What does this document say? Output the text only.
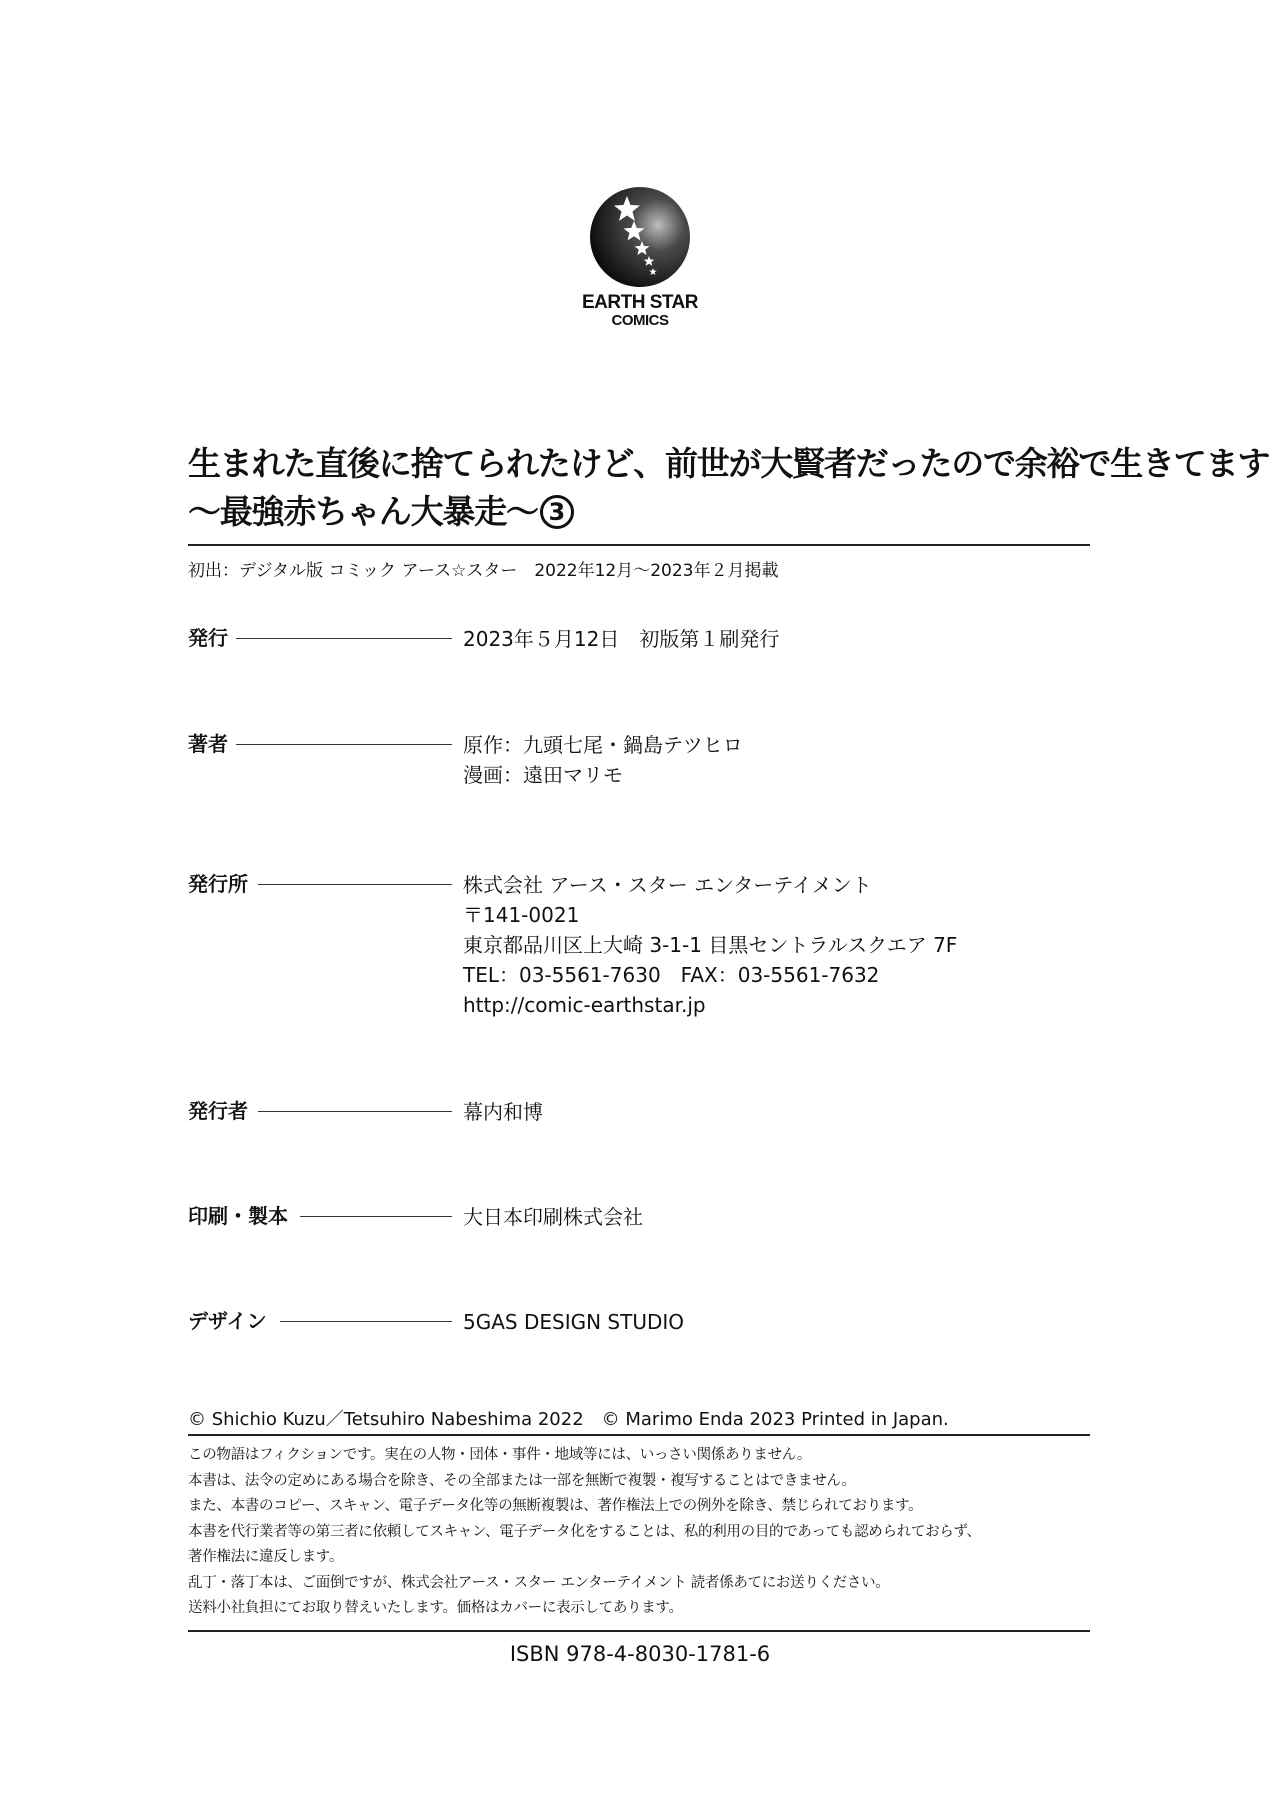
EARTH STAR
COMICS
生まれた直後に捨てられたけど、前世が大賢者だったので余裕で生きてます
〜最強赤ちゃん大暴走〜 3
初出：デジタル版 コミック アース☆スター　2022年12月〜2023年２月掲載
発行	2023年５月12日　初版第１刷発行
著者	原作：九頭七尾・鍋島テツヒロ
漫画：遠田マリモ
発行所	株式会社 アース・スター エンターテイメント
〒141-0021
東京都品川区上大崎 3-1-1 目黒セントラルスクエア 7F
TEL：03-5561-7630　FAX：03-5561-7632
http://comic-earthstar.jp
発行者	幕内和博
印刷・製本	大日本印刷株式会社
デザイン	5GAS DESIGN STUDIO
© Shichio Kuzu／Tetsuhiro Nabeshima 2022　© Marimo Enda 2023 Printed in Japan.
この物語はフィクションです。実在の人物・団体・事件・地域等には、いっさい関係ありません。
本書は、法令の定めにある場合を除き、その全部または一部を無断で複製・複写することはできません。
また、本書のコピー、スキャン、電子データ化等の無断複製は、著作権法上での例外を除き、禁じられております。
本書を代行業者等の第三者に依頼してスキャン、電子データ化をすることは、私的利用の目的であっても認められておらず、
著作権法に違反します。
乱丁・落丁本は、ご面倒ですが、株式会社アース・スター エンターテイメント 読者係あてにお送りください。
送料小社負担にてお取り替えいたします。価格はカバーに表示してあります。
ISBN 978-4-8030-1781-6
